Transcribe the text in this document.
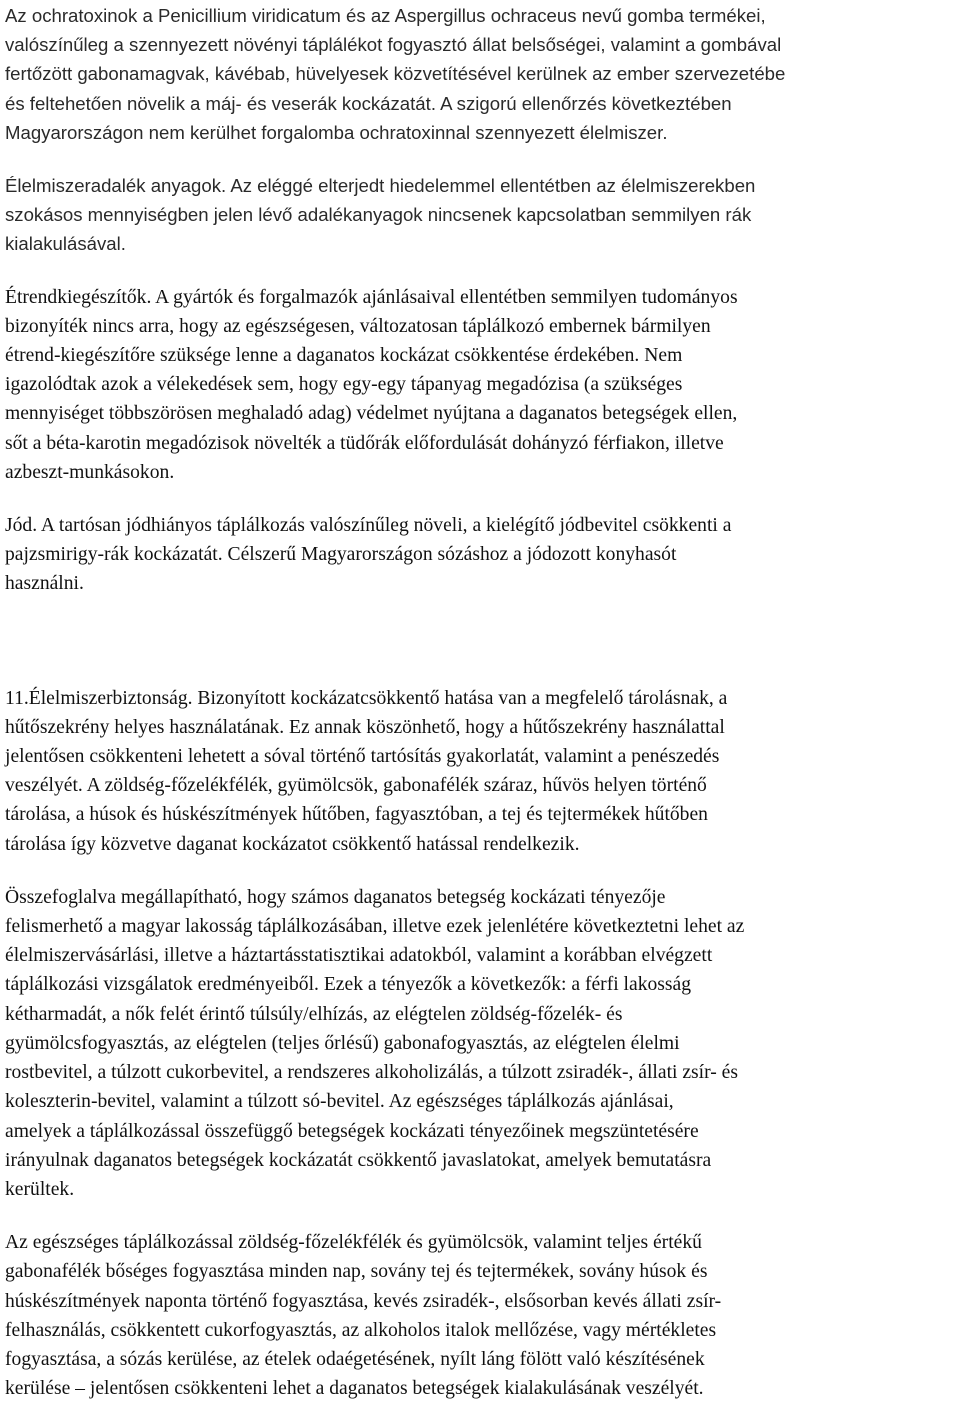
Az ochratoxinok a Penicillium viridicatum és az Aspergillus ochraceus nevű gomba termékei,
valószínűleg a szennyezett növényi táplálékot fogyasztó állat belsőségei, valamint a gombával
fertőzött gabonamagvak, kávébab, hüvelyesek közvetítésével kerülnek az ember szervezetébe
és feltehetően növelik a máj- és veserák kockázatát. A szigorú ellenőrzés következtében
Magyarországon nem kerülhet forgalomba ochratoxinnal szennyezett élelmiszer.

Élelmiszeradalék anyagok. Az eléggé elterjedt hiedelemmel ellentétben az élelmiszerekben
szokásos mennyiségben jelen lévő adalékanyagok nincsenek kapcsolatban semmilyen rák
kialakulásával.

Étrendkiegészítők. A gyártók és forgalmazók ajánlásaival ellentétben semmilyen tudományos
bizonyíték nincs arra, hogy az egészségesen, változatosan táplálkozó embernek bármilyen
étrend-kiegészítőre szüksége lenne a daganatos kockázat csökkentése érdekében. Nem
igazolódtak azok a vélekedések sem, hogy egy-egy tápanyag megadózisa (a szükséges
mennyiséget többszörösen meghaladó adag) védelmet nyújtana a daganatos betegségek ellen,
sőt a béta-karotin megadózisok növelték a tüdőrák előfordulását dohányzó férfiakon, illetve
azbeszt-munkásokon.

Jód. A tartósan jódhiányos táplálkozás valószínűleg növeli, a kielégítő jódbevitel csökkenti a
pajzsmirigy-rák kockázatát. Célszerű Magyarországon sózáshoz a jódozott konyhasót
használni.

11.Élelmiszerbiztonság. Bizonyított kockázatcsökkentő hatása van a megfelelő tárolásnak, a
hűtőszekrény helyes használatának. Ez annak köszönhető, hogy a hűtőszekrény használattal
jelentősen csökkenteni lehetett a sóval történő tartósítás gyakorlatát, valamint a penészedés
veszélyét. A zöldség-főzelékfélék, gyümölcsök, gabonafélék száraz, hűvös helyen történő
tárolása, a húsok és húskészítmények hűtőben, fagyasztóban, a tej és tejtermékek hűtőben
tárolása így közvetve daganat kockázatot csökkentő hatással rendelkezik.

Összefoglalva megállapítható, hogy számos daganatos betegség kockázati tényezője
felismerhető a magyar lakosság táplálkozásában, illetve ezek jelenlétére következtetni lehet az
élelmiszervásárlási, illetve a háztartásstatisztikai adatokból, valamint a korábban elvégzett
táplálkozási vizsgálatok eredményeiből. Ezek a tényezők a következők: a férfi lakosság
kétharmadát, a nők felét érintő túlsúly/elhízás, az elégtelen zöldség-főzelék- és
gyümölcsfogyasztás, az elégtelen (teljes őrlésű) gabonafogyasztás, az elégtelen élelmi
rostbevitel, a túlzott cukorbevitel, a rendszeres alkoholizálás, a túlzott zsiradék-, állati zsír- és
koleszterin-bevitel, valamint a túlzott só-bevitel. Az egészséges táplálkozás ajánlásai,
amelyek a táplálkozással összefüggő betegségek kockázati tényezőinek megszüntetésére
irányulnak daganatos betegségek kockázatát csökkentő javaslatokat, amelyek bemutatásra
kerültek.

Az egészséges táplálkozással zöldség-főzelékfélék és gyümölcsök, valamint teljes értékű
gabonafélék bőséges fogyasztása minden nap, sovány tej és tejtermékek, sovány húsok és
húskészítmények naponta történő fogyasztása, kevés zsiradék-, elsősorban kevés állati zsír-
felhasználás, csökkentett cukorfogyasztás, az alkoholos italok mellőzése, vagy mértékletes
fogyasztása, a sózás kerülése, az ételek odaégetésének, nyílt láng fölött való készítésének
kerülése – jelentősen csökkenteni lehet a daganatos betegségek kialakulásának veszélyét.
